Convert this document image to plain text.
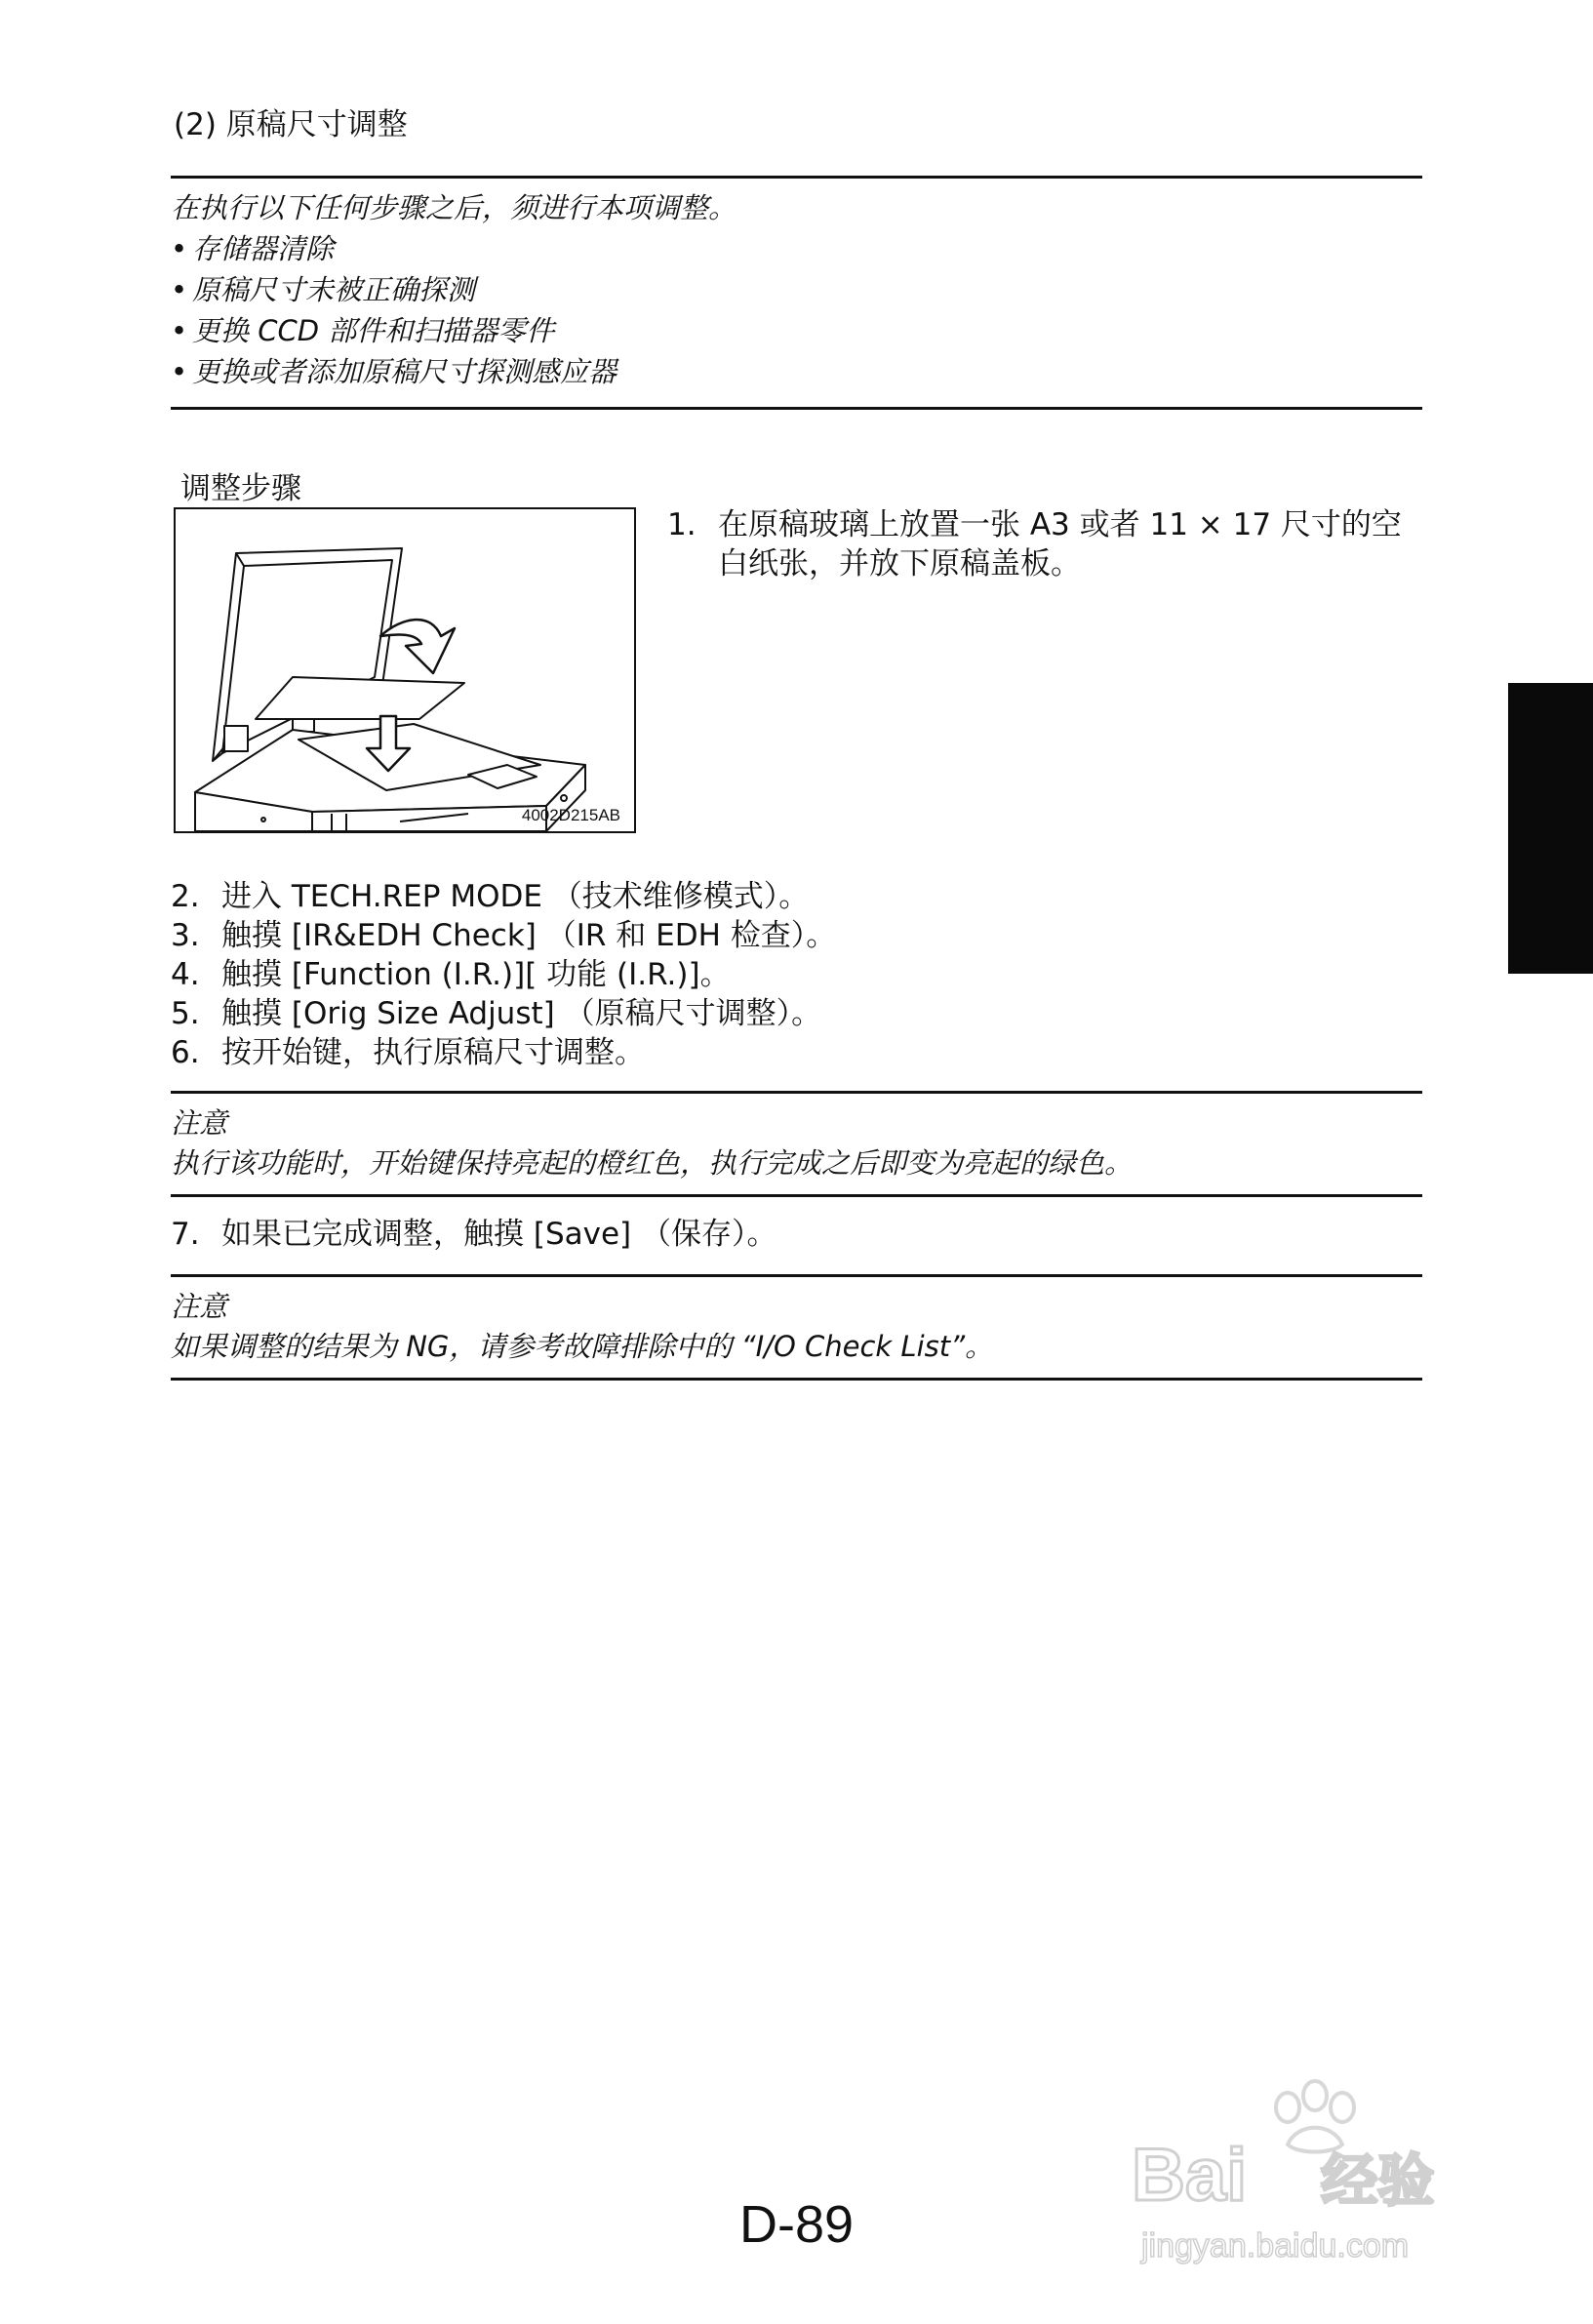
(2) 原稿尺寸调整
在执行以下任何步骤之后，须进行本项调整。
• 存储器清除
• 原稿尺寸未被正确探测
• 更换 CCD 部件和扫描器零件
• 更换或者添加原稿尺寸探测感应器
调整步骤
4002D215AB
1. 在原稿玻璃上放置一张 A3 或者 11 × 17 尺寸的空
白纸张，并放下原稿盖板。
2. 进入 TECH.REP MODE （技术维修模式）。
3. 触摸 [IR&EDH Check] （IR 和 EDH 检查）。
4. 触摸 [Function (I.R.)][ 功能 (I.R.)]。
5. 触摸 [Orig Size Adjust] （原稿尺寸调整）。
6. 按开始键，执行原稿尺寸调整。
注意
执行该功能时，开始键保持亮起的橙红色，执行完成之后即变为亮起的绿色。
7. 如果已完成调整，触摸 [Save] （保存）。
注意
如果调整的结果为 NG，请参考故障排除中的 “I/O Check List”。
Bai 经验
jingyan.baidu.com
D-89
